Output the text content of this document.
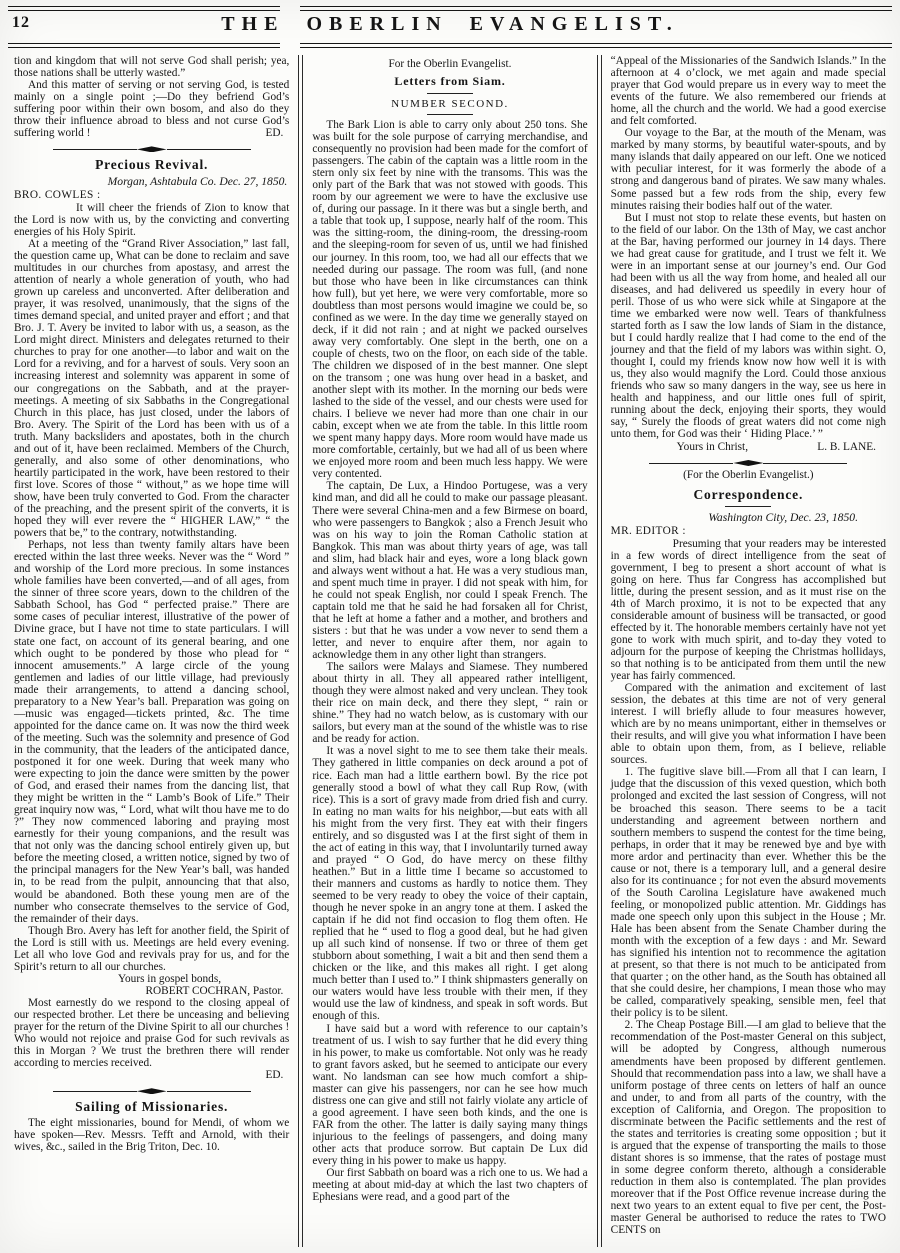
12	THE OBERLIN EVANGELIST.

tion and kingdom that will not serve God shall perish; yea, those nations shall be utterly wasted.”

And this matter of serving or not serving God, is tested mainly on a single point ;—Do they befriend God’s suffering poor within their own bosom, and also do they throw their influence abroad to bless and not curse God’s suffering world !	ED.
Precious Revival.
Morgan, Ashtabula Co. Dec. 27, 1850.
BRO. COWLES :

It will cheer the friends of Zion to know that the Lord is now with us, by the convicting and converting energies of his Holy Spirit.

At a meeting of the “Grand River Association,” last fall, the question came up, What can be done to reclaim and save multitudes in our churches from apostasy, and arrest the attention of nearly a whole generation of youth, who had grown up careless and unconverted. After deliberation and prayer, it was resolved, unanimously, that the signs of the times demand special, and united prayer and effort ; and that Bro. J. T. Avery be invited to labor with us, a season, as the Lord might direct. Ministers and delegates returned to their churches to pray for one another—to labor and wait on the Lord for a reviving, and for a harvest of souls. Very soon an increasing interest and solemnity was apparent in some of our congregations on the Sabbath, and at the prayer-meetings. A meeting of six Sabbaths in the Congregational Church in this place, has just closed, under the labors of Bro. Avery. The Spirit of the Lord has been with us of a truth. Many backsliders and apostates, both in the church and out of it, have been reclaimed. Members of the Church, generally, and also some of other denominations, who heartily participated in the work, have been restored to their first love. Scores of those “ without,” as we hope time will show, have been truly converted to God. From the character of the preaching, and the present spirit of the converts, it is hoped they will ever revere the “ HIGHER LAW,” “ the powers that be,” to the contrary, notwithstanding.

Perhaps, not less than twenty family altars have been erected within the last three weeks. Never was the “ Word ” and worship of the Lord more precious. In some instances whole families have been converted,—and of all ages, from the sinner of three score years, down to the children of the Sabbath School, has God “ perfected praise.” There are some cases of peculiar interest, illustrative of the power of Divine grace, but I have not time to state particulars. I will state one fact, on account of its general bearing, and one which ought to be pondered by those who plead for “ innocent amusements.” A large circle of the young gentlemen and ladies of our little village, had previously made their arrangements, to attend a dancing school, preparatory to a New Year’s ball. Preparation was going on—music was engaged—tickets printed, &c. The time appointed for the dance came on. It was now the third week of the meeting. Such was the solemnity and presence of God in the community, that the leaders of the anticipated dance, postponed it for one week. During that week many who were expecting to join the dance were smitten by the power of God, and erased their names from the dancing list, that they might be written in the “ Lamb’s Book of Life.” Their great inquiry now was, “ Lord, what wilt thou have me to do ?” They now commenced laboring and praying most earnestly for their young companions, and the result was that not only was the dancing school entirely given up, but before the meeting closed, a written notice, signed by two of the principal managers for the New Year’s ball, was handed in, to be read from the pulpit, announcing that that also, would be abandoned. Both these young men are of the number who consecrate themselves to the service of God, the remainder of their days.

Though Bro. Avery has left for another field, the Spirit of the Lord is still with us. Meetings are held every evening. Let all who love God and revivals pray for us, and for the Spirit’s return to all our churches.

Yours in gospel bonds,

ROBERT COCHRAN, Pastor.

Most earnestly do we respond to the closing appeal of our respected brother. Let there be unceasing and believing prayer for the return of the Divine Spirit to all our churches ! Who would not rejoice and praise God for such revivals as this in Morgan ? We trust the brethren there will render according to mercies received.

ED.
Sailing of Missionaries.

The eight missionaries, bound for Mendi, of whom we have spoken—Rev. Messrs. Tefft and Arnold, with their wives, &c., sailed in the Brig Triton, Dec. 10.

For the Oberlin Evangelist.
Letters from Siam.
NUMBER SECOND.

The Bark Lion is able to carry only about 250 tons. She was built for the sole purpose of carrying merchandise, and consequently no provision had been made for the comfort of passengers. The cabin of the captain was a little room in the stern only six feet by nine with the transoms. This was the only part of the Bark that was not stowed with goods. This room by our agreement we were to have the exclusive use of, during our passage. In it there was but a single berth, and a table that took up, I suppose, nearly half of the room. This was the sitting-room, the dining-room, the dressing-room and the sleeping-room for seven of us, until we had finished our journey. In this room, too, we had all our effects that we needed during our passage. The room was full, (and none but those who have been in like circumstances can think how full), but yet here, we were very comfortable, more so doubtless than most persons would imagine we could be, so confined as we were. In the day time we generally stayed on deck, if it did not rain ; and at night we packed ourselves away very comfortably. One slept in the berth, one on a couple of chests, two on the floor, on each side of the table. The children we disposed of in the best manner. One slept on the transom ; one was hung over head in a basket, and another slept with its mother. In the morning our beds were lashed to the side of the vessel, and our chests were used for chairs. I believe we never had more than one chair in our cabin, except when we ate from the table. In this little room we spent many happy days. More room would have made us more comfortable, certainly, but we had all of us been where we enjoyed more room and been much less happy. We were very contented.

The captain, De Lux, a Hindoo Portugese, was a very kind man, and did all he could to make our passage pleasant. There were several China-men and a few Birmese on board, who were passengers to Bangkok ; also a French Jesuit who was on his way to join the Roman Catholic station at Bangkok. This man was about thirty years of age, was tall and slim, had black hair and eyes, wore a long black gown and always went without a hat. He was a very studious man, and spent much time in prayer. I did not speak with him, for he could not speak English, nor could I speak French. The captain told me that he said he had forsaken all for Christ, that he left at home a father and a mother, and brothers and sisters : but that he was under a vow never to send them a letter, and never to enquire after them, nor again to acknowledge them in any other light than strangers.

The sailors were Malays and Siamese. They numbered about thirty in all. They all appeared rather intelligent, though they were almost naked and very unclean. They took their rice on main deck, and there they slept, “ rain or shine.” They had no watch below, as is customary with our sailors, but every man at the sound of the whistle was to rise and be ready for action.

It was a novel sight to me to see them take their meals. They gathered in little companies on deck around a pot of rice. Each man had a little earthern bowl. By the rice pot generally stood a bowl of what they call Rup Row, (with rice). This is a sort of gravy made from dried fish and curry. In eating no man waits for his neighbor,—but eats with all his might from the very first. They eat with their fingers entirely, and so disgusted was I at the first sight of them in the act of eating in this way, that I involuntarily turned away and prayed “ O God, do have mercy on these filthy heathen.” But in a little time I became so accustomed to their manners and customs as hardly to notice them. They seemed to be very ready to obey the voice of their captain, though he never spoke in an angry tone at them. I asked the captain if he did not find occasion to flog them often. He replied that he “ used to flog a good deal, but he had given up all such kind of nonsense. If two or three of them get stubborn about something, I wait a bit and then send them a chicken or the like, and this makes all right. I get along much better than I used to.” I think shipmasters generally on our waters would have less trouble with their men, if they would use the law of kindness, and speak in soft words. But enough of this.

I have said but a word with reference to our captain’s treatment of us. I wish to say further that he did every thing in his power, to make us comfortable. Not only was he ready to grant favors asked, but he seemed to anticipate our every want. No landsman can see how much comfort a ship-master can give his passengers, nor can he see how much distress one can give and still not fairly violate any article of a good agreement. I have seen both kinds, and the one is FAR from the other. The latter is daily saying many things injurious to the feelings of passengers, and doing many other acts that produce sorrow. But captain De Lux did every thing in his power to make us happy.

Our first Sabbath on board was a rich one to us. We had a meeting at about mid-day at which the last two chapters of Ephesians were read, and a good part of the

“Appeal of the Missionaries of the Sandwich Islands.” In the afternoon at 4 o’clock, we met again and made special prayer that God would prepare us in every way to meet the events of the future. We also remembered our friends at home, all the church and the world. We had a good exercise and felt comforted.

Our voyage to the Bar, at the mouth of the Menam, was marked by many storms, by beautiful water-spouts, and by many islands that daily appeared on our left. One we noticed with peculiar interest, for it was formerly the abode of a strong and dangerous band of pirates. We saw many whales. Some passed but a few rods from the ship, every few minutes raising their bodies half out of the water.

But I must not stop to relate these events, but hasten on to the field of our labor. On the 13th of May, we cast anchor at the Bar, having performed our journey in 14 days. There we had great cause for gratitude, and I trust we felt it. We were in an important sense at our journey’s end. Our God had been with us all the way from home, and healed all our diseases, and had delivered us speedily in every hour of peril. Those of us who were sick while at Singapore at the time we embarked were now well. Tears of thankfulness started forth as I saw the low lands of Siam in the distance, but I could hardly realize that I had come to the end of the journey and that the field of my labors was within sight. O, thought I, could my friends know now how well it is with us, they also would magnify the Lord. Could those anxious friends who saw so many dangers in the way, see us here in health and happiness, and our little ones full of spirit, running about the deck, enjoying their sports, they would say, “ Surely the floods of great waters did not come nigh unto them, for God was their ‘ Hiding Place.’ ”

Yours in Christ,	L. B. LANE.
(For the Oberlin Evangelist.)
Correspondence.
Washington City, Dec. 23, 1850.
MR. EDITOR :

Presuming that your readers may be interested in a few words of direct intelligence from the seat of government, I beg to present a short account of what is going on here. Thus far Congress has accomplished but little, during the present session, and as it must rise on the 4th of March proximo, it is not to be expected that any considerable amount of business will be transacted, or good effected by it. The honorable members certainly have not yet gone to work with much spirit, and to-day they voted to adjourn for the purpose of keeping the Christmas hollidays, so that nothing is to be anticipated from them until the new year has fairly commenced.

Compared with the animation and excitement of last session, the debates at this time are not of very general interest. I will briefly allude to four measures however, which are by no means unimportant, either in themselves or their results, and will give you what information I have been able to obtain upon them, from, as I believe, reliable sources.

1. The fugitive slave bill.—From all that I can learn, I judge that the discussion of this vexed question, which both prolonged and excited the last session of Congress, will not be broached this season. There seems to be a tacit understanding and agreement between northern and southern members to suspend the contest for the time being, perhaps, in order that it may be renewed bye and bye with more ardor and pertinacity than ever. Whether this be the cause or not, there is a temporary lull, and a general desire also for its continuance ; for not even the absurd movements of the South Carolina Legislature have awakened much feeling, or monopolized public attention. Mr. Giddings has made one speech only upon this subject in the House ; Mr. Hale has been absent from the Senate Chamber during the month with the exception of a few days : and Mr. Seward has signified his intention not to recommence the agitation at present, so that there is not much to be anticipated from that quarter ; on the other hand, as the South has obtained all that she could desire, her champions, I mean those who may be called, comparatively speaking, sensible men, feel that their policy is to be silent.

2. The Cheap Postage Bill.—I am glad to believe that the recommendation of the Post-master General on this subject, will be adopted by Congress, although numerous amendments have been proposed by different gentlemen. Should that recommendation pass into a law, we shall have a uniform postage of three cents on letters of half an ounce and under, to and from all parts of the country, with the exception of California, and Oregon. The proposition to discrminate between the Pacific settlements and the rest of the states and territories is creating some opposition ; but it is argued that the expense of transporting the mails to those distant shores is so immense, that the rates of postage must in some degree conform thereto, although a considerable reduction in them also is contemplated. The plan provides moreover that if the Post Office revenue increase during the next two years to an extent equal to five per cent, the Post-master General be authorised to reduce the rates to TWO CENTS on
